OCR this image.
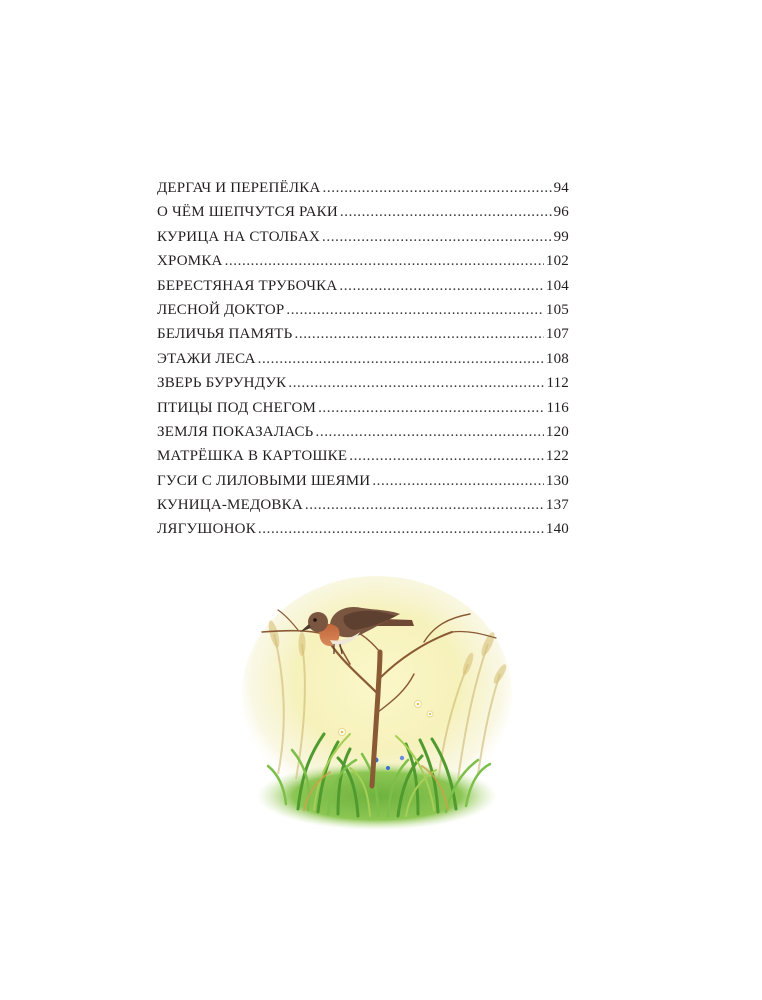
ДЕРГАЧ И ПЕРЕПЁЛКА .....	94
О ЧЁМ ШЕПЧУТСЯ РАКИ .....	96
КУРИЦА НА СТОЛБАХ .....	99
ХРОМКА .....	102
БЕРЕСТЯНАЯ ТРУБОЧКА .....	104
ЛЕСНОЙ ДОКТОР .....	105
БЕЛИЧЬЯ ПАМЯТЬ .....	107
ЭТАЖИ ЛЕСА .....	108
ЗВЕРЬ БУРУНДУК .....	112
ПТИЦЫ ПОД СНЕГОМ .....	116
ЗЕМЛЯ ПОКАЗАЛАСЬ .....	120
МАТРЁШКА В КАРТОШКЕ .....	122
ГУСИ С ЛИЛОВЫМИ ШЕЯМИ .....	130
КУНИЦА-МЕДОВКА .....	137
ЛЯГУШОНОК .....	140
